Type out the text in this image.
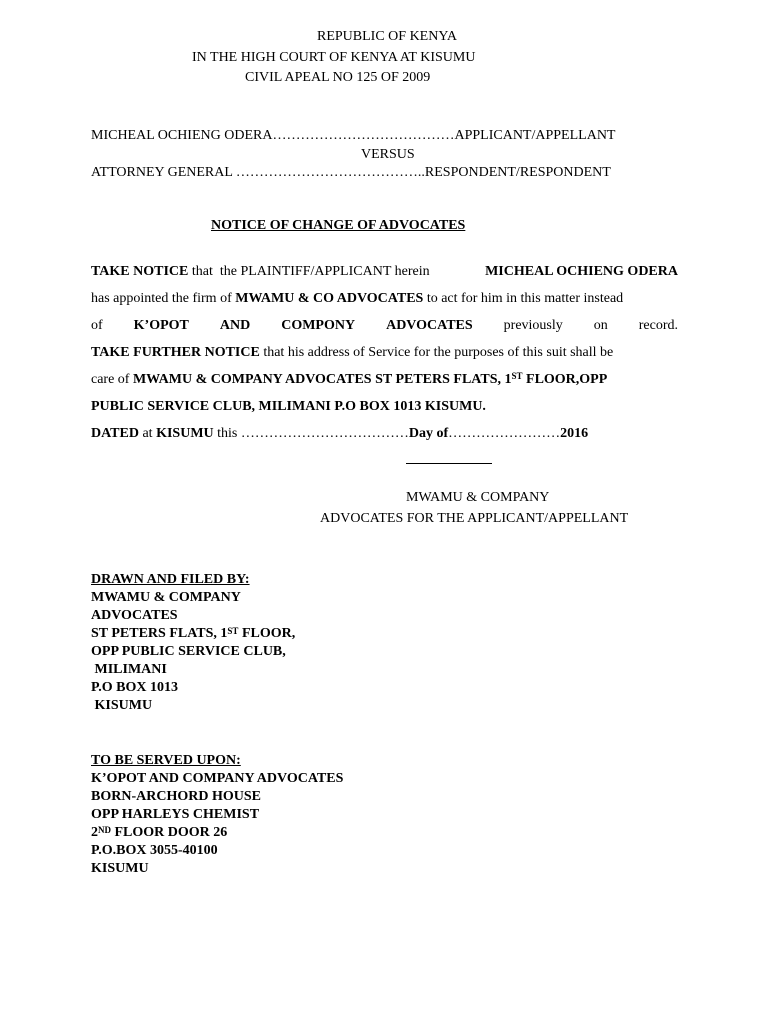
REPUBLIC OF KENYA
IN THE HIGH COURT OF KENYA AT KISUMU
CIVIL APEAL NO 125 OF 2009
MICHEAL OCHIENG ODERA…………………………………APPLICANT/APPELLANT
VERSUS
ATTORNEY GENERAL …………………………………..RESPONDENT/RESPONDENT
NOTICE OF CHANGE OF ADVOCATES
TAKE NOTICE that  the PLAINTIFF/APPLICANT herein	MICHEAL OCHIENG ODERA
has appointed the firm of MWAMU & CO ADVOCATES to act for him in this matter instead
of K’OPOT AND COMPONY ADVOCATES previously on record.
TAKE FURTHER NOTICE that his address of Service for the purposes of this suit shall be
care of MWAMU & COMPANY ADVOCATES ST PETERS FLATS, 1ST FLOOR,OPP
PUBLIC SERVICE CLUB, MILIMANI P.O BOX 1013 KISUMU.
DATED at KISUMU this ………………………………Day of……………………2016
MWAMU & COMPANY
ADVOCATES FOR THE APPLICANT/APPELLANT
DRAWN AND FILED BY:
MWAMU & COMPANY
ADVOCATES
ST PETERS FLATS, 1ST FLOOR,
OPP PUBLIC SERVICE CLUB,
MILIMANI
P.O BOX 1013
KISUMU
TO BE SERVED UPON:
K’OPOT AND COMPANY ADVOCATES
BORN-ARCHORD HOUSE
OPP HARLEYS CHEMIST
2ND FLOOR DOOR 26
P.O.BOX 3055-40100
KISUMU
